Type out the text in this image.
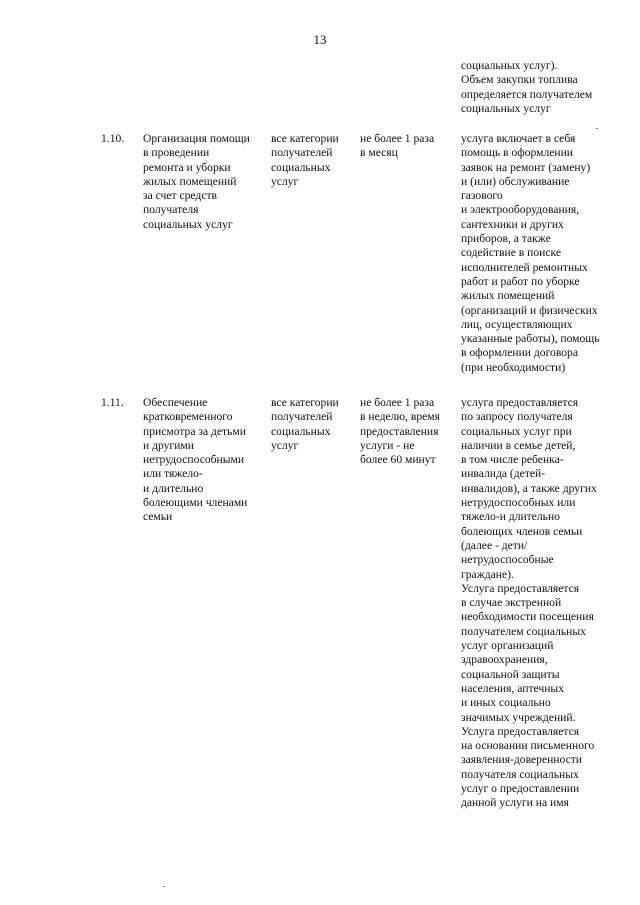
13
социальных услуг).
Объем закупки топлива
определяется получателем
социальных услуг
1.10.	Организация помощи
в проведении
ремонта и уборки
жилых помещений
за счет средств
получателя
социальных услуг
все категории
получателей
социальных
услуг
не более 1 раза
в месяц
услуга включает в себя
помощь в оформлении
заявок на ремонт (замену)
и (или) обслуживание
газового
и электрооборудования,
сантехники и других
приборов, а также
содействие в поиске
исполнителей ремонтных
работ и работ по уборке
жилых помещений
(организаций и физических
лиц, осуществляющих
указанные работы), помощь
в оформлении договора
(при необходимости)
1.11.	Обеспечение
кратковременного
присмотра за детьми
и другими
нетрудоспособными
или тяжело-
и длительно
болеющими членами
семьи
все категории
получателей
социальных
услуг
не более 1 раза
в неделю, время
предоставления
услуги - не
более 60 минут
услуга предоставляется
по запросу получателя
социальных услуг при
наличии в семье детей,
в том числе ребенка-
инвалида (детей-
инвалидов), а также других
нетрудоспособных или
тяжело-и длительно
болеющих членов семьи
(далее - дети/
нетрудоспособные
граждане).
Услуга предоставляется
в случае экстренной
необходимости посещения
получателем социальных
услуг организаций
здравоохранения,
социальной защиты
населения, аптечных
и иных социально
значимых учреждений.
Услуга предоставляется
на основании письменного
заявления-доверенности
получателя социальных
услуг о предоставлении
данной услуги на имя
